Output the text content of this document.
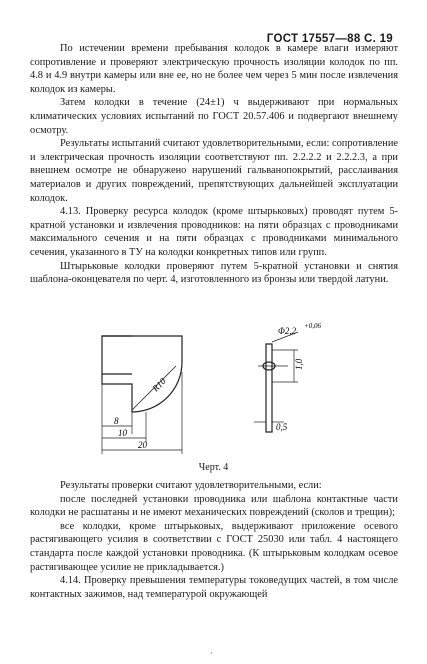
ГОСТ 17557—88 С. 19

По истечении времени пребывания колодок в камере влаги измеряют сопротивление и проверяют электрическую прочность изоляции колодок по пп. 4.8 и 4.9 внутри камеры или вне ее, но не более чем через 5 мин после извлечения колодок из камеры.

Затем колодки в течение (24±1) ч выдерживают при нормальных климатических условиях испытаний по ГОСТ 20.57.406 и подвергают внешнему осмотру.

Результаты испытаний считают удовлетворительными, если: сопротивление и электрическая прочность изоляции соответствуют пп. 2.2.2.2 и 2.2.2.3, а при внешнем осмотре не обнаружено нарушений гальванопокрытий, расслаивания материалов и других повреждений, препятствующих дальнейшей эксплуатации колодок.

4.13. Проверку ресурса колодок (кроме штырьковых) проводят путем 5-кратной установки и извлечения проводников: на пяти образцах с проводниками максимального сечения и на пяти образцах с проводниками минимального сечения, указанного в ТУ на колодки конкретных типов или групп.

Штырьковые колодки проверяют путем 5-кратной установки и снятия шаблона-оконцевателя по черт. 4, изготовленного из бронзы или твердой латуни.

R10
8
10
20
Φ2,2 +0,06
1,0
0,5
Черт. 4

Результаты проверки считают удовлетворительными, если:

после последней установки проводника или шаблона контактные части колодки не расшатаны и не имеют механических повреждений (сколов и трещин);

все колодки, кроме штырьковых, выдерживают приложение осевого растягивающего усилия в соответствии с ГОСТ 25030 или табл. 4 настоящего стандарта после каждой установки проводника. (К штырьковым колодкам осевое растягивающее усилие не прикладывается.)

4.14. Проверку превышения температуры токоведущих частей, в том числе контактных зажимов, над температурой окружающей

·
